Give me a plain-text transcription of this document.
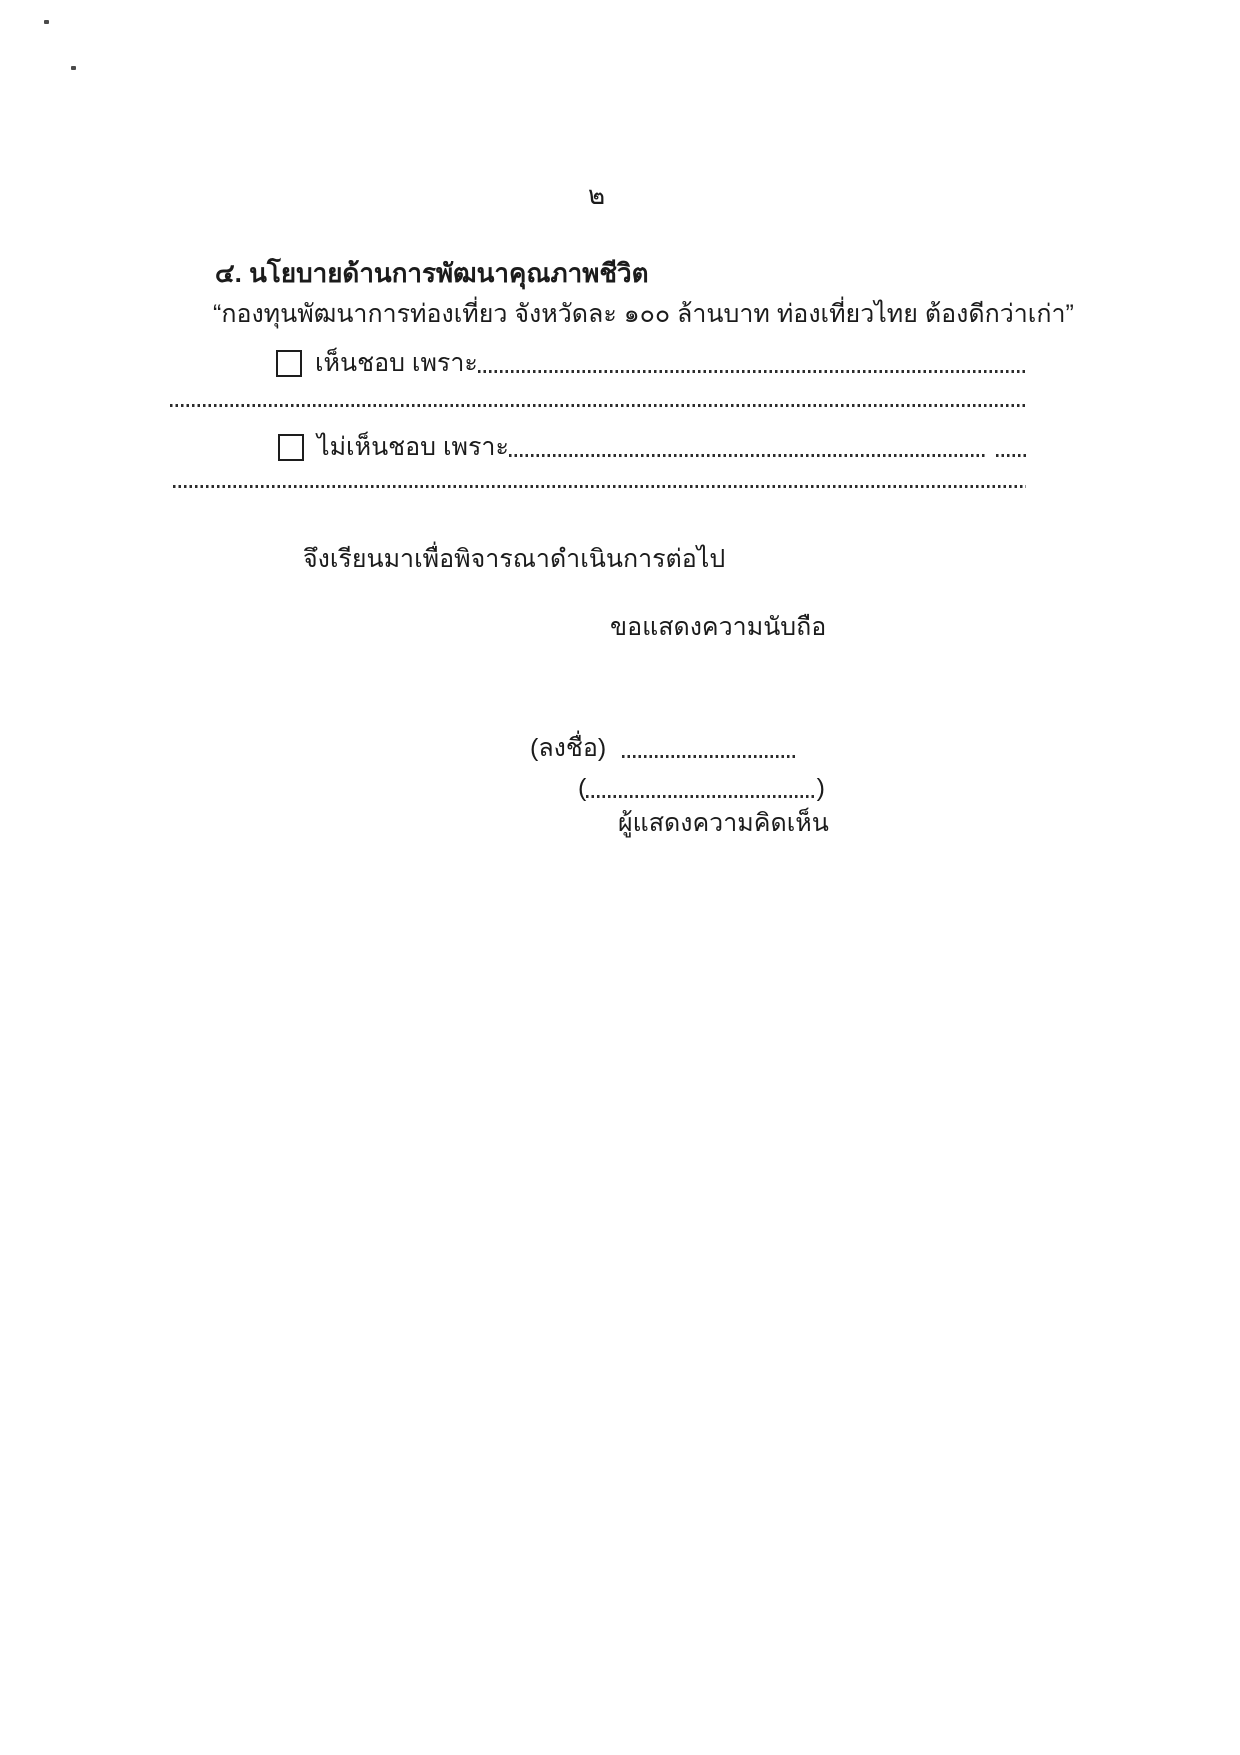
๒
๔. นโยบายด้านการพัฒนาคุณภาพชีวิต
“กองทุนพัฒนาการท่องเที่ยว จังหวัดละ ๑๐๐ ล้านบาท ท่องเที่ยวไทย ต้องดีกว่าเก่า”
เห็นชอบ เพราะ
ไม่เห็นชอบ เพราะ
จึงเรียนมาเพื่อพิจารณาดำเนินการต่อไป
ขอแสดงความนับถือ
(ลงชื่อ)
(	)
ผู้แสดงความคิดเห็น
